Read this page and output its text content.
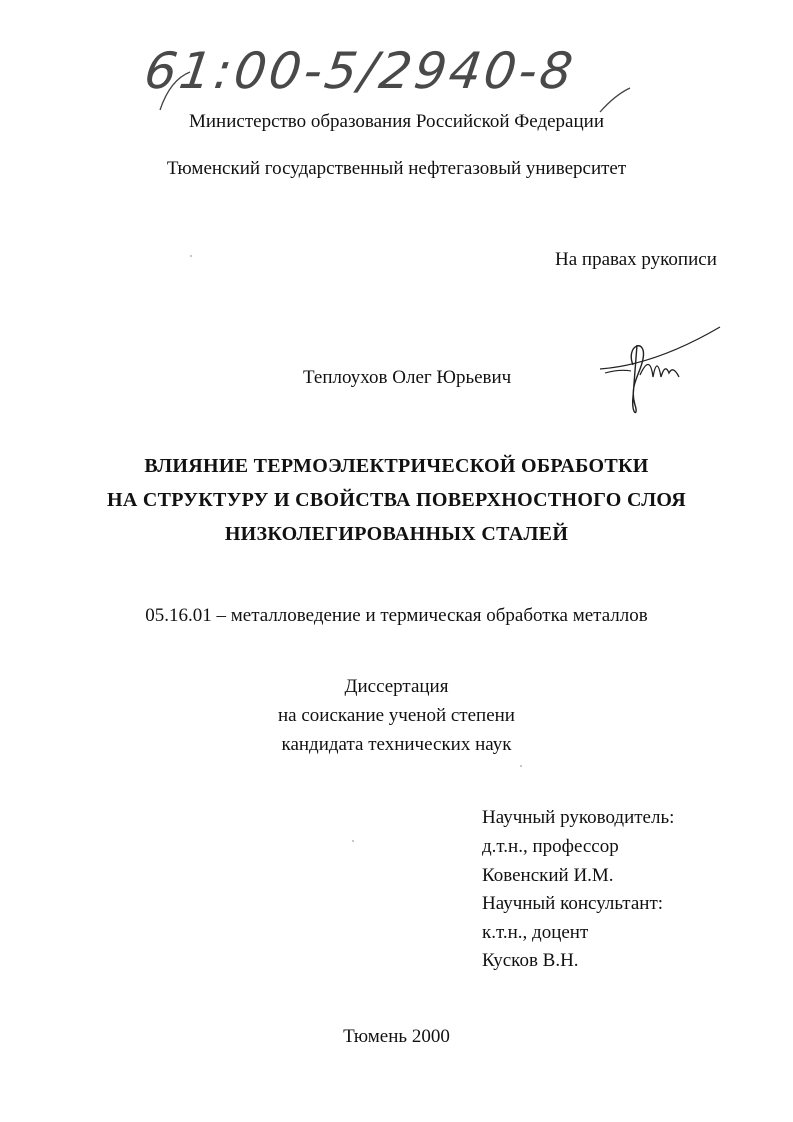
61:00-5/2940-8
Министерство образования Российской Федерации
Тюменский государственный нефтегазовый университет
На правах рукописи
Теплоухов Олег Юрьевич
ВЛИЯНИЕ ТЕРМОЭЛЕКТРИЧЕСКОЙ ОБРАБОТКИ
НА СТРУКТУРУ И СВОЙСТВА ПОВЕРХНОСТНОГО СЛОЯ
НИЗКОЛЕГИРОВАННЫХ СТАЛЕЙ
05.16.01 – металловедение и термическая обработка металлов
Диссертация
на соискание ученой степени
кандидата технических наук
Научный руководитель:
д.т.н., профессор
Ковенский И.М.
Научный консультант:
к.т.н., доцент
Кусков В.Н.
Тюмень 2000
